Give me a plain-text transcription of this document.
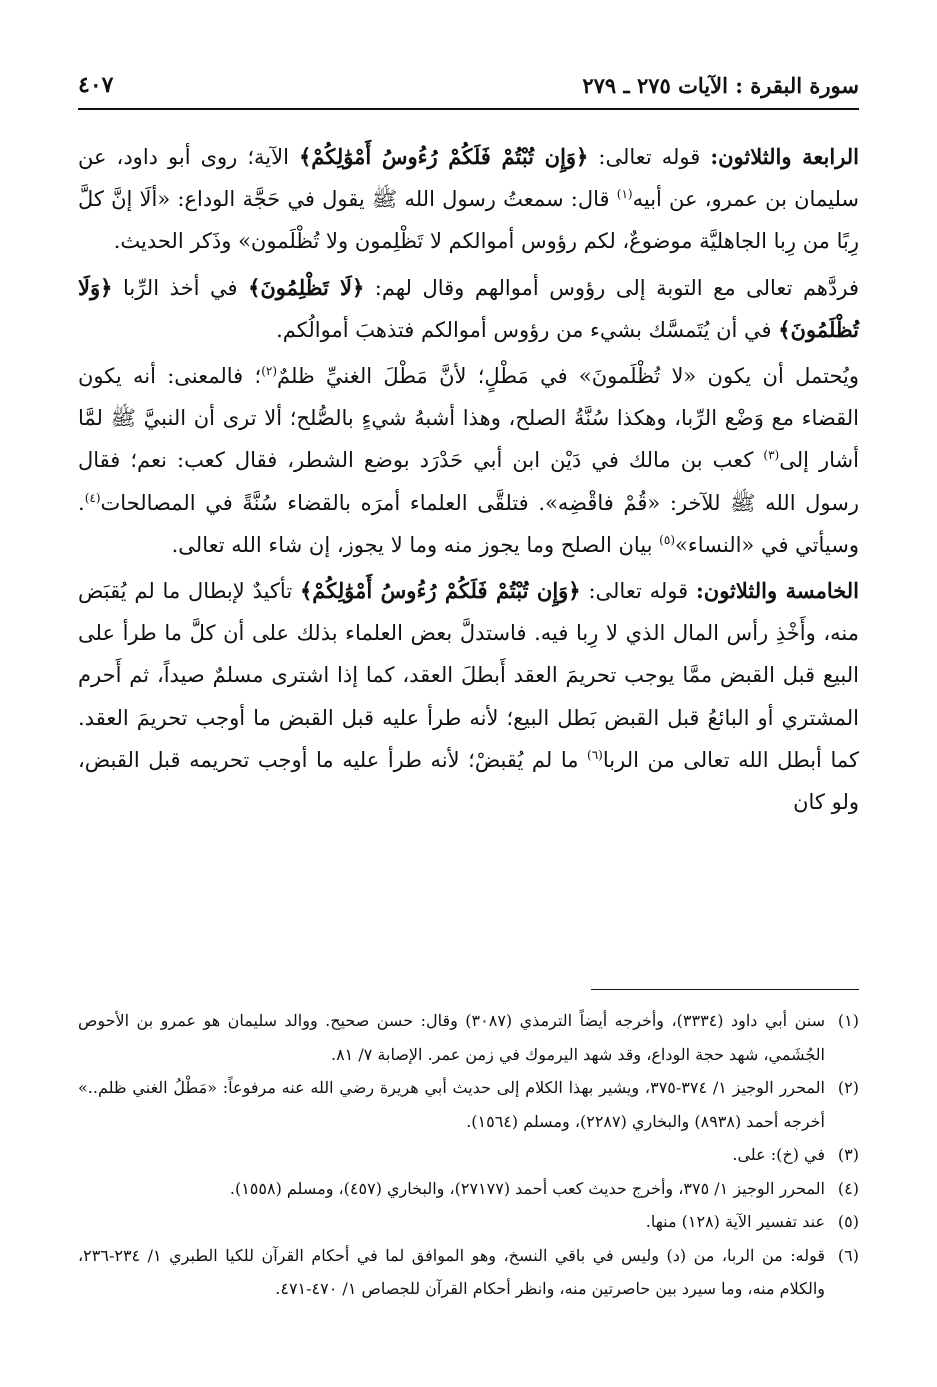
سورة البقرة : الآيات ٢٧٥ ـ ٢٧٩
٤٠٧

الرابعة والثلاثون: قوله تعالى: ﴿وَإِن تُبْتُمْ فَلَكُمْ رُءُوسُ أَمْوَٰلِكُمْ﴾ الآية؛ روى أبو داود، عن سليمان بن عمرو، عن أبيه$^{(١)}$ قال: سمعتُ رسول الله ﷺ يقول في حَجَّة الوداع: «ألَا إنَّ كلَّ رِبًا من رِبا الجاهليَّة موضوعٌ، لكم رؤوس أموالكم لا تَظْلِمون ولا تُظْلَمون» وذَكر الحديث.

فردَّهم تعالى مع التوبة إلى رؤوس أموالهم وقال لهم: ﴿لَا تَظْلِمُونَ﴾ في أخذ الرِّبا ﴿وَلَا تُظْلَمُونَ﴾ في أن يُتَمسَّك بشيء من رؤوس أموالكم فتذهبَ أموالُكم.

ويُحتمل أن يكون «لا تُظْلَمونَ» في مَطْلٍ؛ لأنَّ مَطْلَ الغنيِّ ظلمٌ$^{(٢)}$؛ فالمعنى: أنه يكون القضاء مع وَضْع الرِّبا، وهكذا سُنَّةُ الصلح، وهذا أشبهُ شيءٍ بالصُّلح؛ ألا ترى أن النبيَّ ﷺ لمَّا أشار إلى$^{(٣)}$ كعب بن مالك في دَيْن ابن أبي حَدْرَد بوضع الشطر، فقال كعب: نعم؛ فقال رسول الله ﷺ للآخر: «قُمْ فاقْضِه». فتلقَّى العلماء أمرَه بالقضاء سُنَّةً في المصالحات$^{(٤)}$. وسيأتي في «النساء»$^{(٥)}$ بيان الصلح وما يجوز منه وما لا يجوز، إن شاء الله تعالى.

الخامسة والثلاثون: قوله تعالى: ﴿وَإِن تُبْتُمْ فَلَكُمْ رُءُوسُ أَمْوَٰلِكُمْ﴾ تأكيدٌ لإبطال ما لم يُقبَض منه، وأَخْذِ رأس المال الذي لا رِبا فيه. فاستدلَّ بعض العلماء بذلك على أن كلَّ ما طرأ على البيع قبل القبض ممَّا يوجب تحريمَ العقد أَبطلَ العقد، كما إذا اشترى مسلمٌ صيداً، ثم أَحرم المشتري أو البائعُ قبل القبض بَطل البيع؛ لأنه طرأ عليه قبل القبض ما أوجب تحريمَ العقد. كما أبطل الله تعالى من الربا$^{(٦)}$ ما لم يُقبضْ؛ لأنه طرأ عليه ما أوجب تحريمه قبل القبض، ولو كان

(١)
سنن أبي داود (٣٣٣٤)، وأخرجه أيضاً الترمذي (٣٠٨٧) وقال: حسن صحيح. ووالد سليمان هو عمرو بن الأحوص الجُشَمي، شهد حجة الوداع، وقد شهد اليرموك في زمن عمر. الإصابة ٧/ ٨١.
(٢)
المحرر الوجيز ١/ ٣٧٤-٣٧٥، ويشير بهذا الكلام إلى حديث أبي هريرة رضي الله عنه مرفوعاً: «مَطْلُ الغني ظلم..» أخرجه أحمد (٨٩٣٨) والبخاري (٢٢٨٧)، ومسلم (١٥٦٤).
(٣)
في (خ): على.
(٤)
المحرر الوجيز ١/ ٣٧٥، وأخرج حديث كعب أحمد (٢٧١٧٧)، والبخاري (٤٥٧)، ومسلم (١٥٥٨).
(٥)
عند تفسير الآية (١٢٨) منها.
(٦)
قوله: من الربا، من (د) وليس في باقي النسخ، وهو الموافق لما في أحكام القرآن للكيا الطبري ١/ ٢٣٤-٢٣٦، والكلام منه، وما سيرد بين حاصرتين منه، وانظر أحكام القرآن للجصاص ١/ ٤٧٠-٤٧١.
